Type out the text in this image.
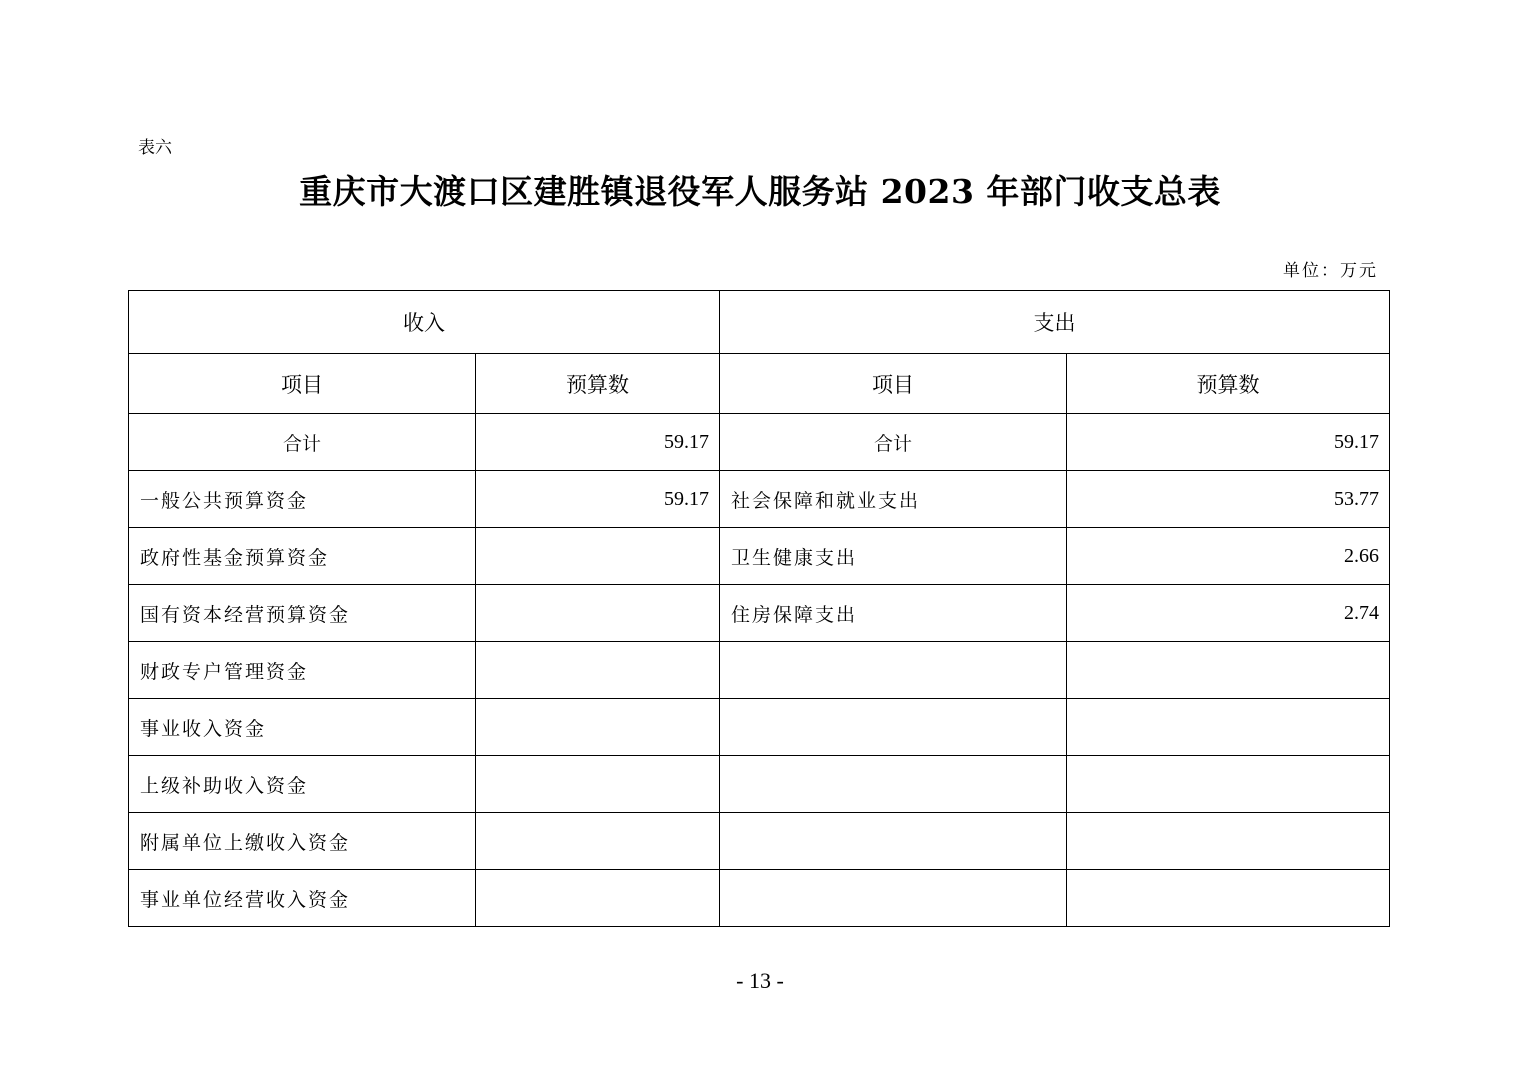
表六
重庆市大渡口区建胜镇退役军人服务站 2023 年部门收支总表
单位：万元
收入		支出	
项目	预算数	项目	预算数
合计	59.17	合计	59.17
一般公共预算资金	59.17	社会保障和就业支出	53.77
政府性基金预算资金		卫生健康支出	2.66
国有资本经营预算资金		住房保障支出	2.74
财政专户管理资金			
事业收入资金			
上级补助收入资金			
附属单位上缴收入资金			
事业单位经营收入资金			
- 13 -
